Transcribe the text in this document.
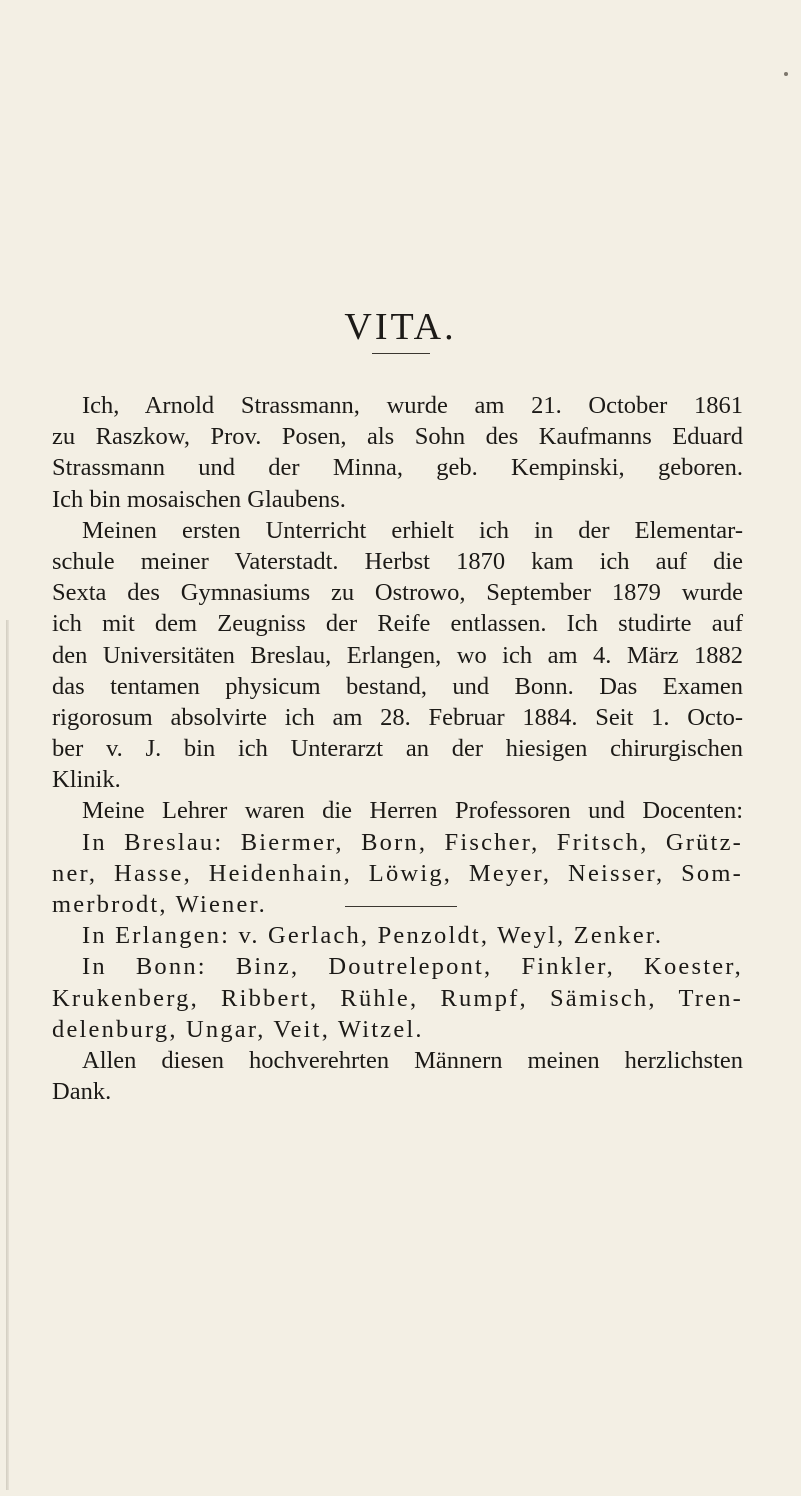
VITA.
Ich, Arnold Strassmann, wurde am 21. October 1861
zu Raszkow, Prov. Posen, als Sohn des Kaufmanns Eduard
Strassmann und der Minna, geb. Kempinski, geboren.
Ich bin mosaischen Glaubens.
Meinen ersten Unterricht erhielt ich in der Elementar-
schule meiner Vaterstadt. Herbst 1870 kam ich auf die
Sexta des Gymnasiums zu Ostrowo, September 1879 wurde
ich mit dem Zeugniss der Reife entlassen. Ich studirte auf
den Universitäten Breslau, Erlangen, wo ich am 4. März 1882
das tentamen physicum bestand, und Bonn. Das Examen
rigorosum absolvirte ich am 28. Februar 1884. Seit 1. Octo-
ber v. J. bin ich Unterarzt an der hiesigen chirurgischen
Klinik.
Meine Lehrer waren die Herren Professoren und Docenten:
In Breslau: Biermer, Born, Fischer, Fritsch, Grütz-
ner, Hasse, Heidenhain, Löwig, Meyer, Neisser, Som-
merbrodt, Wiener.
In Erlangen: v. Gerlach, Penzoldt, Weyl, Zenker.
In Bonn: Binz, Doutrelepont, Finkler, Koester,
Krukenberg, Ribbert, Rühle, Rumpf, Sämisch, Tren-
delenburg, Ungar, Veit, Witzel.
Allen diesen hochverehrten Männern meinen herzlichsten
Dank.
